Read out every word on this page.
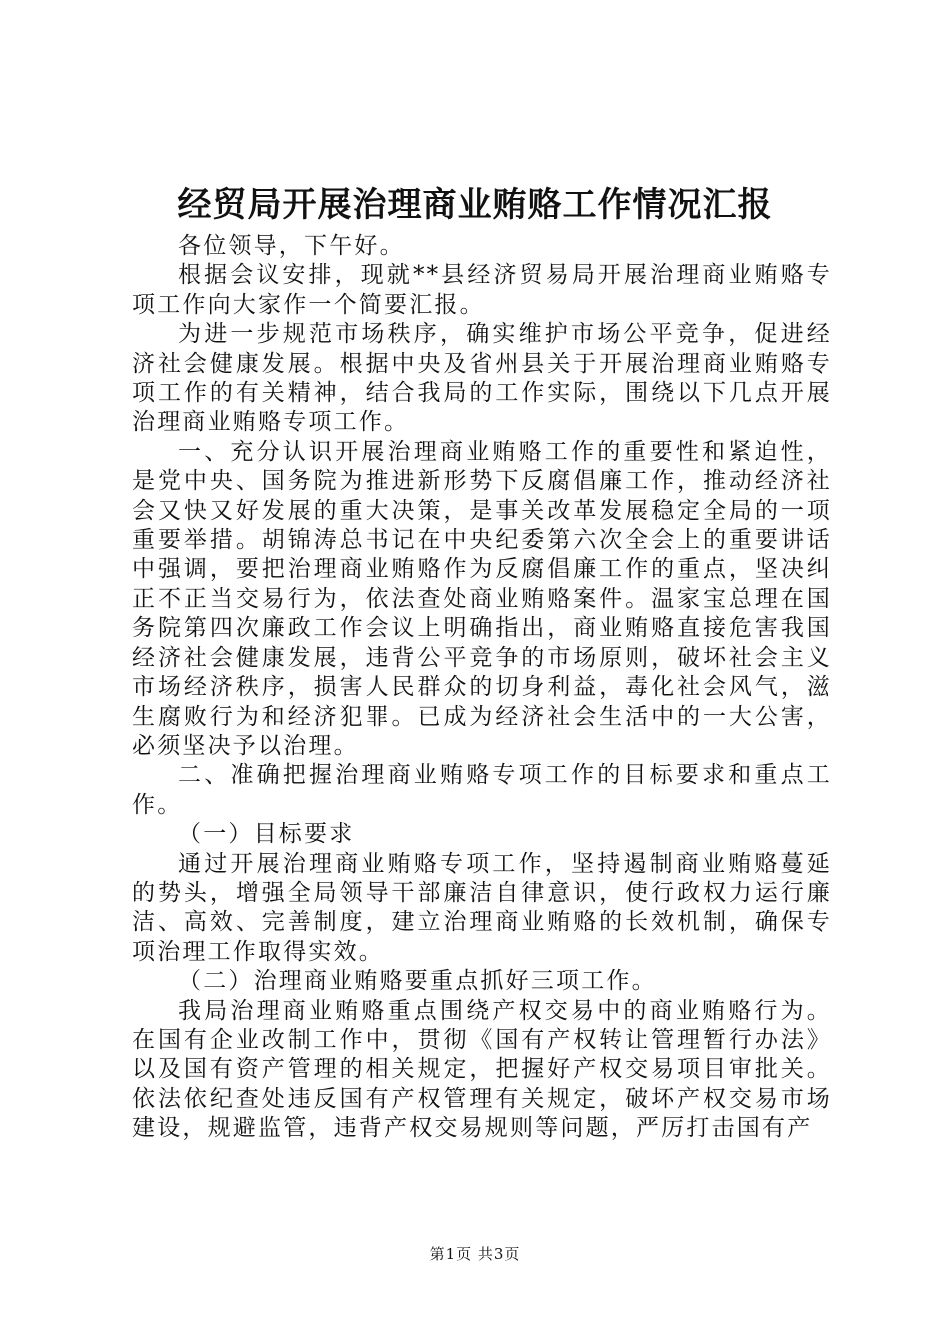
经贸局开展治理商业贿赂工作情况汇报

各位领导，下午好。

根据会议安排，现就**县经济贸易局开展治理商业贿赂专项工作向大家作一个简要汇报。

为进一步规范市场秩序，确实维护市场公平竞争，促进经济社会健康发展。根据中央及省州县关于开展治理商业贿赂专项工作的有关精神，结合我局的工作实际，围绕以下几点开展治理商业贿赂专项工作。

一、充分认识开展治理商业贿赂工作的重要性和紧迫性，是党中央、国务院为推进新形势下反腐倡廉工作，推动经济社会又快又好发展的重大决策，是事关改革发展稳定全局的一项重要举措。胡锦涛总书记在中央纪委第六次全会上的重要讲话中强调，要把治理商业贿赂作为反腐倡廉工作的重点，坚决纠正不正当交易行为，依法查处商业贿赂案件。温家宝总理在国务院第四次廉政工作会议上明确指出，商业贿赂直接危害我国经济社会健康发展，违背公平竞争的市场原则，破坏社会主义市场经济秩序，损害人民群众的切身利益，毒化社会风气，滋生腐败行为和经济犯罪。已成为经济社会生活中的一大公害，必须坚决予以治理。

二、准确把握治理商业贿赂专项工作的目标要求和重点工作。

（一）目标要求

通过开展治理商业贿赂专项工作，坚持遏制商业贿赂蔓延的势头，增强全局领导干部廉洁自律意识，使行政权力运行廉洁、高效、完善制度，建立治理商业贿赂的长效机制，确保专项治理工作取得实效。

（二）治理商业贿赂要重点抓好三项工作。

我局治理商业贿赂重点围绕产权交易中的商业贿赂行为。在国有企业改制工作中，贯彻《国有产权转让管理暂行办法》以及国有资产管理的相关规定，把握好产权交易项目审批关。依法依纪查处违反国有产权管理有关规定，破坏产权交易市场建设，规避监管，违背产权交易规则等问题，严厉打击国有产

第1页 共3页
